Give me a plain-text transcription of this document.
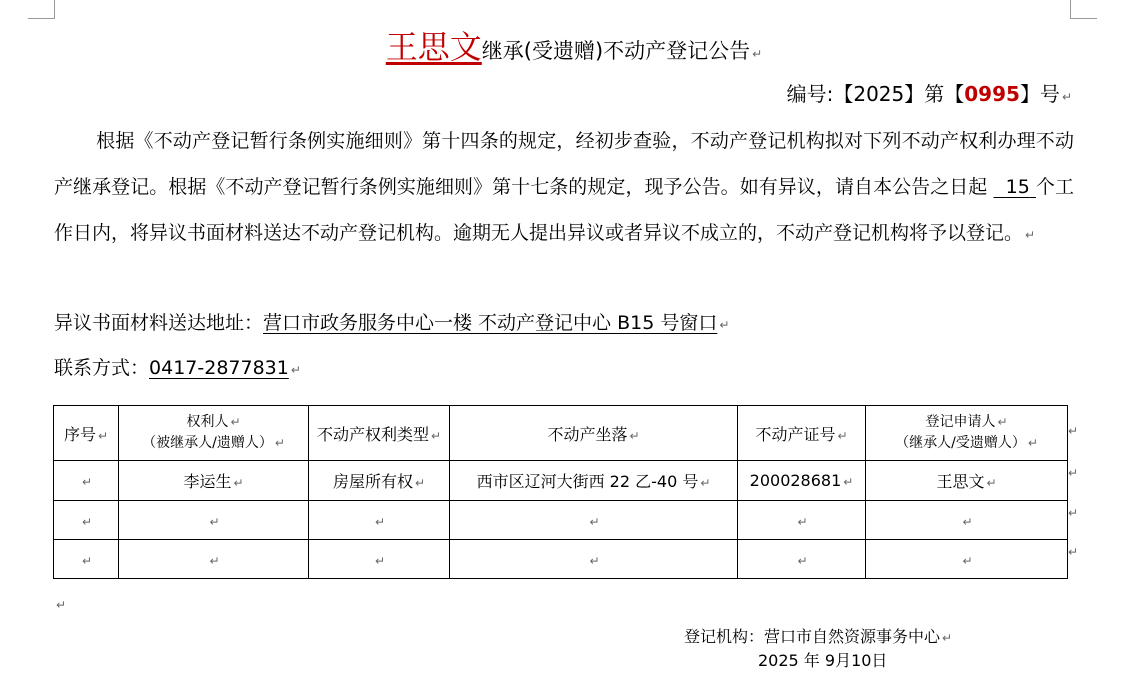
王思文继承(受遗赠)不动产登记公告 ↵
编号:【2025】第【0995】号 ↵
根据《不动产登记暂行条例实施细则》第十四条的规定，经初步查验，不动产登记机构拟对下列不动产权利办理不动产继承登记。根据《不动产登记暂行条例实施细则》第十七条的规定，现予公告。如有异议，请自本公告之日起 15 个工作日内，将异议书面材料送达不动产登记机构。逾期无人提出异议或者异议不成立的，不动产登记机构将予以登记。 ↵
异议书面材料送达地址：营口市政务服务中心一楼 不动产登记中心 B15 号窗口 ↵
联系方式：0417-2877831 ↵
序号 ↵	权利人 ↵
（被继承人/遗赠人） ↵	不动产权利类型 ↵	不动产坐落 ↵	不动产证号 ↵	登记申请人 ↵
（继承人/受遗赠人） ↵

↵	李运生 ↵	房屋所有权 ↵	西市区辽河大街西 22 乙-40 号 ↵	200028681 ↵	王思文 ↵
↵	↵	↵	↵	↵	↵
↵	↵	↵	↵	↵	↵
↵
↵
↵
↵
↵
登记机构：营口市自然资源事务中心 ↵
2025 年 9月10日
